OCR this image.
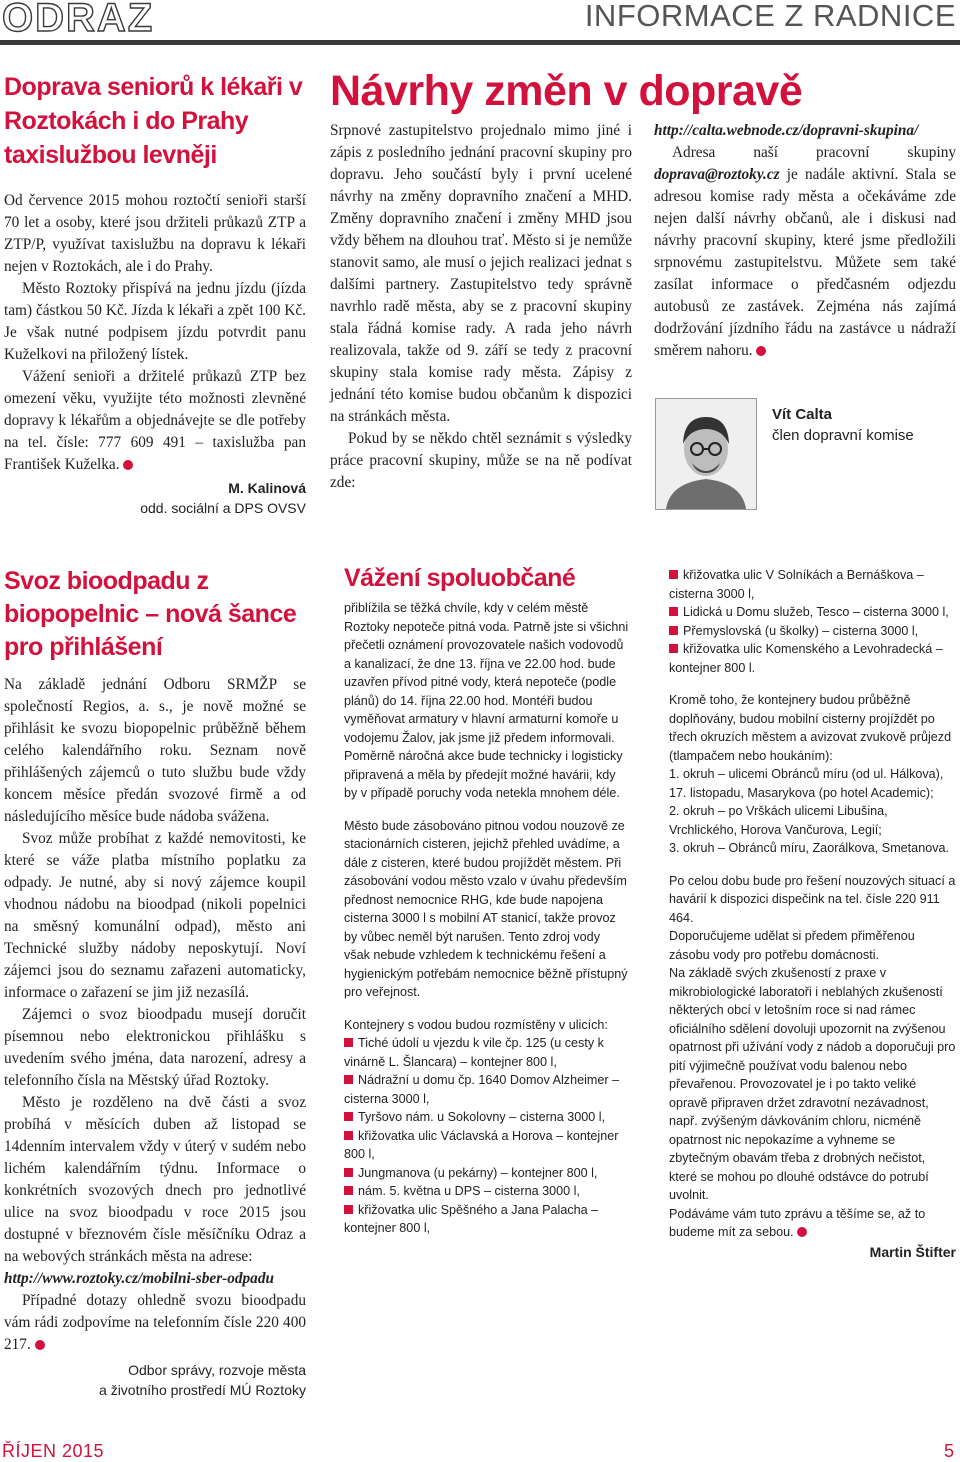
ODRAZ	INFORMACE Z RADNICE
Doprava seniorů k lékaři v Roztokách i do Prahy taxislužbou levněji

Od července 2015 mohou roztočtí senioři starší 70 let a osoby, které jsou držiteli průkazů ZTP a ZTP/P, využívat taxislužbu na dopravu k lékaři nejen v Roztokách, ale i do Prahy.

Město Roztoky přispívá na jednu jízdu (jízda tam) částkou 50 Kč. Jízda k lékaři a zpět 100 Kč. Je však nutné podpisem jízdu potvrdit panu Kuželkovi na přiložený lístek.

Vážení senioři a držitelé průkazů ZTP bez omezení věku, využijte této možnosti zlevněné dopravy k lékařům a objednávejte se dle potřeby na tel. čísle: 777 609 491 – taxislužba pan František Kuželka.

M. Kalinová
odd. sociální a DPS OVSV
Návrhy změn v dopravě

Srpnové zastupitelstvo projednalo mimo jiné i zápis z posledního jednání pracovní skupiny pro dopravu. Jeho součástí byly i první ucelené návrhy na změny dopravního značení a MHD. Změny dopravního značení i změny MHD jsou vždy během na dlouhou trať. Město si je nemůže stanovit samo, ale musí o jejich realizaci jednat s dalšími partnery. Zastupitelstvo tedy správně navrhlo radě města, aby se z pracovní skupiny stala řádná komise rady. A rada jeho návrh realizovala, takže od 9. září se tedy z pracovní skupiny stala komise rady města. Zápisy z jednání této komise budou občanům k dispozici na stránkách města.

Pokud by se někdo chtěl seznámit s výsledky práce pracovní skupiny, může se na ně podívat zde:

http://calta.webnode.cz/dopravni-skupina/

Adresa naší pracovní skupiny doprava@roztoky.cz je nadále aktivní. Stala se adresou komise rady města a očekáváme zde nejen další návrhy občanů, ale i diskusi nad návrhy pracovní skupiny, které jsme předložili srpnovému zastupitelstvu. Můžete sem také zasílat informace o předčasném odjezdu autobusů ze zastávek. Zejména nás zajímá dodržování jízdního řádu na zastávce u nádraží směrem nahoru.

Vít Calta
člen dopravní komise
Svoz bioodpadu z biopopelnic – nová šance pro přihlášení

Na základě jednání Odboru SRMŽP se společností Regios, a. s., je nově možné se přihlásit ke svozu biopopelnic průběžně během celého kalendářního roku. Seznam nově přihlášených zájemců o tuto službu bude vždy koncem měsíce předán svozové firmě a od následujícího měsíce bude nádoba svážena.

Svoz může probíhat z každé nemovitosti, ke které se váže platba místního poplatku za odpady. Je nutné, aby si nový zájemce koupil vhodnou nádobu na bioodpad (nikoli popelnici na směsný komunální odpad), město ani Technické služby nádoby neposkytují. Noví zájemci jsou do seznamu zařazeni automaticky, informace o zařazení se jim již nezasílá.

Zájemci o svoz bioodpadu musejí doručit písemnou nebo elektronickou přihlášku s uvedením svého jména, data narození, adresy a telefonního čísla na Městský úřad Roztoky.

Město je rozděleno na dvě části a svoz probíhá v měsících duben až listopad se 14denním intervalem vždy v úterý v sudém nebo lichém kalendářním týdnu. Informace o konkrétních svozových dnech pro jednotlivé ulice na svoz bioodpadu v roce 2015 jsou dostupné v březnovém čísle měsíčníku Odraz a na webových stránkách města na adrese:

http://www.roztoky.cz/mobilni-sber-odpadu

Případné dotazy ohledně svozu bioodpadu vám rádi zodpovíme na telefonním čísle 220 400 217.

Odbor správy, rozvoje města
a životního prostředí MÚ Roztoky
Vážení spoluobčané

přiblížila se těžká chvíle, kdy v celém městě Roztoky nepoteče pitná voda. Patrně jste si všichni přečetli oznámení provozovatele našich vodovodů a kanalizací, že dne 13. října ve 22.00 hod. bude uzavřen přívod pitné vody, která nepoteče (podle plánů) do 14. října 22.00 hod. Montéři budou vyměňovat armatury v hlavní armaturní komoře u vodojemu Žalov, jak jsme již předem informovali. Poměrně náročná akce bude technicky i logisticky připravená a měla by předejít možné havárii, kdy by v případě poruchy voda netekla mnohem déle.

Město bude zásobováno pitnou vodou nouzově ze stacionárních cisteren, jejichž přehled uvádíme, a dále z cisteren, které budou projíždět městem. Při zásobování vodou město vzalo v úvahu především přednost nemocnice RHG, kde bude napojena cisterna 3000 l s mobilní AT stanicí, takže provoz by vůbec neměl být narušen. Tento zdroj vody však nebude vzhledem k technickému řešení a hygienickým potřebám nemocnice běžně přístupný pro veřejnost.

Kontejnery s vodou budou rozmístěny v ulicích:

Tiché údolí u vjezdu k vile čp. 125 (u cesty k vinárně L. Šlancara) – kontejner 800 l,

Nádražní u domu čp. 1640 Domov Alzheimer – cisterna 3000 l,

Tyršovo nám. u Sokolovny – cisterna 3000 l,

křižovatka ulic Václavská a Horova – kontejner 800 l,

Jungmanova (u pekárny) – kontejner 800 l,

nám. 5. května u DPS – cisterna 3000 l,

křižovatka ulic Spěšného a Jana Palacha – kontejner 800 l,

křižovatka ulic V Solníkách a Bernáškova – cisterna 3000 l,

Lidická u Domu služeb, Tesco – cisterna 3000 l,

Přemyslovská (u školky) – cisterna 3000 l,

křižovatka ulic Komenského a Levohradecká – kontejner 800 l.

Kromě toho, že kontejnery budou průběžně doplňovány, budou mobilní cisterny projíždět po třech okruzích městem a avizovat zvukově průjezd (tlampačem nebo houkáním):

1. okruh – ulicemi Obránců míru (od ul. Hálkova), 17. listopadu, Masarykova (po hotel Academic);

2. okruh – po Vrškách ulicemi Libušina, Vrchlického, Horova Vančurova, Legií;

3. okruh – Obránců míru, Zaorálkova, Smetanova.

Po celou dobu bude pro řešení nouzových situací a havárií k dispozici dispečink na tel. čísle 220 911 464.

Doporučujeme udělat si předem přiměřenou zásobu vody pro potřebu domácnosti.

Na základě svých zkušeností z praxe v mikrobiologické laboratoři i neblahých zkušeností některých obcí v letošním roce si nad rámec oficiálního sdělení dovoluji upozornit na zvýšenou opatrnost při užívání vody z nádob a doporučuji pro pití výjimečně používat vodu balenou nebo převařenou. Provozovatel je i po takto veliké opravě připraven držet zdravotní nezávadnost, např. zvýšeným dávkováním chloru, nicméně opatrnost nic nepokazíme a vyhneme se zbytečným obavám třeba z drobných nečistot, které se mohou po dlouhé odstávce do potrubí uvolnit.

Podáváme vám tuto zprávu a těšíme se, až to budeme mít za sebou.

Martin Štifter
ŘÍJEN 2015	5
